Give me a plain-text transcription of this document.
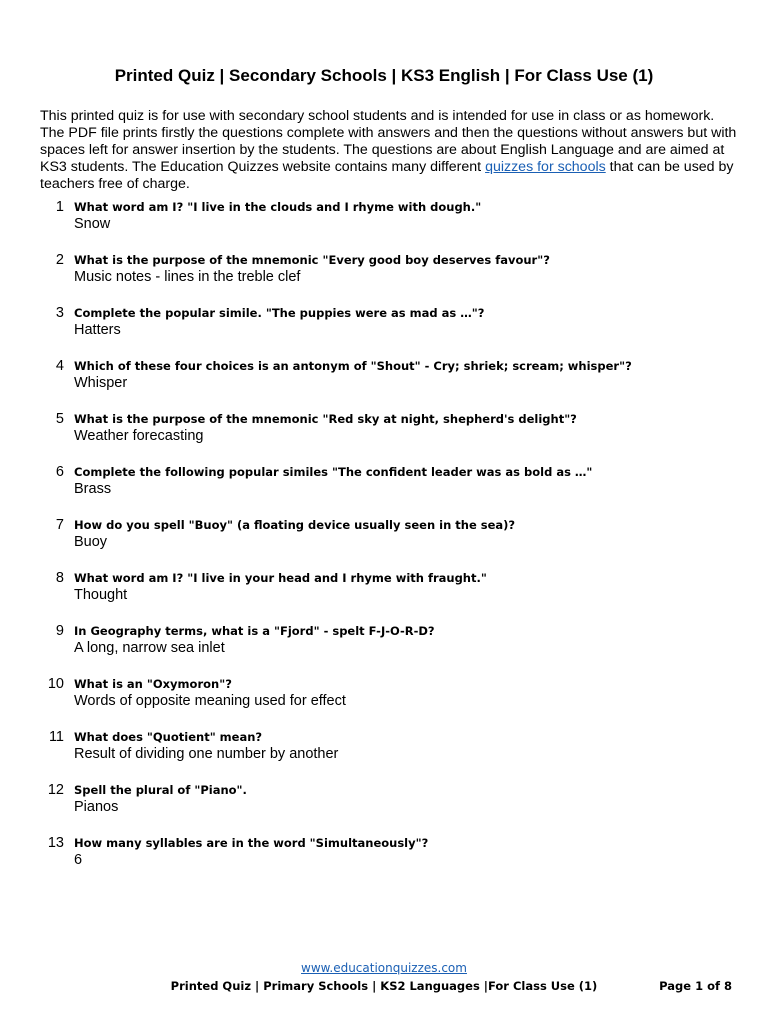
Printed Quiz | Secondary Schools | KS3 English | For Class Use (1)

This printed quiz is for use with secondary school students and is intended for use in class or as homework. The PDF file prints firstly the questions complete with answers and then the questions without answers but with spaces left for answer insertion by the students. The questions are about English Language and are aimed at KS3 students. The Education Quizzes website contains many different quizzes for schools that can be used by teachers free of charge.

1 What word am I? "I live in the clouds and I rhyme with dough."
Snow
2 What is the purpose of the mnemonic "Every good boy deserves favour"?
Music notes - lines in the treble clef
3 Complete the popular simile. "The puppies were as mad as …"?
Hatters
4 Which of these four choices is an antonym of "Shout" - Cry; shriek; scream; whisper"?
Whisper
5 What is the purpose of the mnemonic "Red sky at night, shepherd's delight"?
Weather forecasting
6 Complete the following popular similes "The confident leader was as bold as …"
Brass
7 How do you spell "Buoy" (a floating device usually seen in the sea)?
Buoy
8 What word am I? "I live in your head and I rhyme with fraught."
Thought
9 In Geography terms, what is a "Fjord" - spelt F-J-O-R-D?
A long, narrow sea inlet
10 What is an "Oxymoron"?
Words of opposite meaning used for effect
11 What does "Quotient" mean?
Result of dividing one number by another
12 Spell the plural of "Piano".
Pianos
13 How many syllables are in the word "Simultaneously"?
6
www.educationquizzes.com
Printed Quiz | Primary Schools | KS2 Languages |For Class Use (1)	Page 1 of 8
